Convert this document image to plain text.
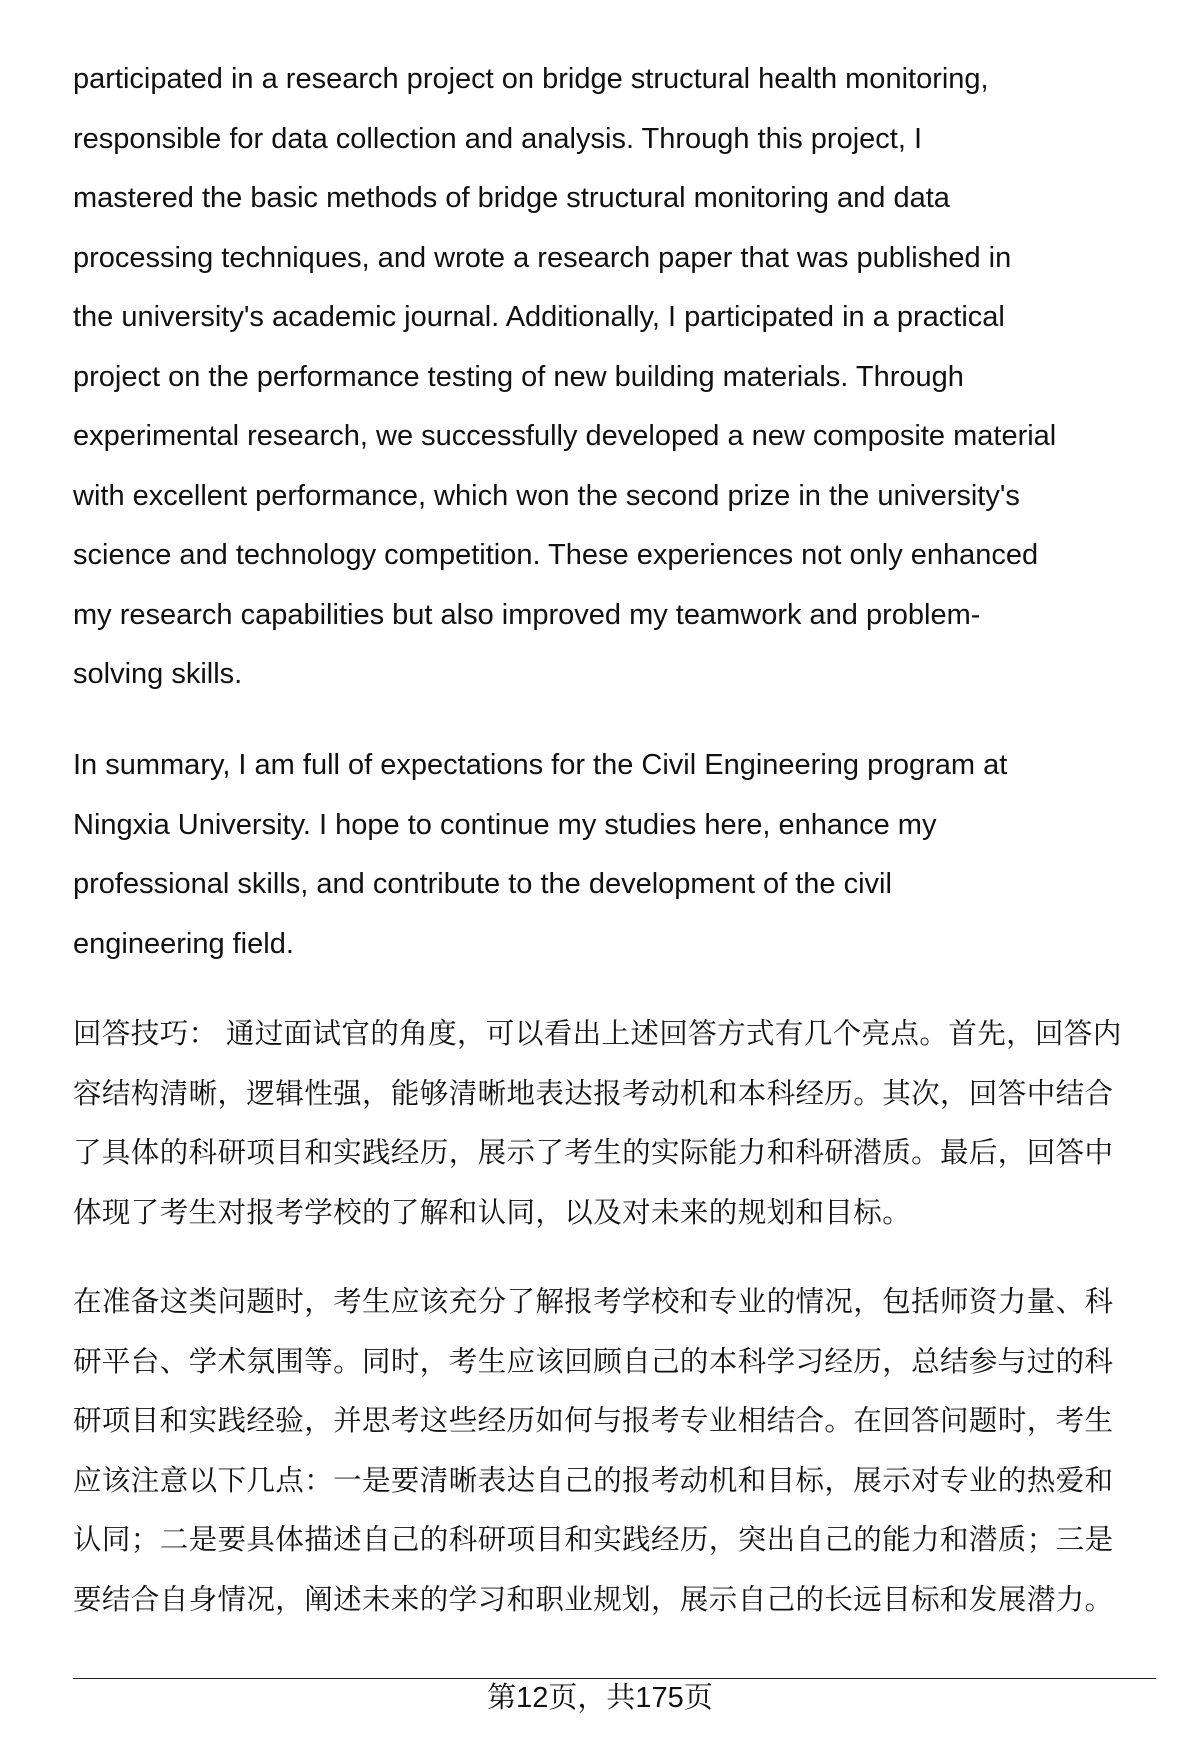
participated in a research project on bridge structural health monitoring,
responsible for data collection and analysis. Through this project, I
mastered the basic methods of bridge structural monitoring and data
processing techniques, and wrote a research paper that was published in
the university's academic journal. Additionally, I participated in a practical
project on the performance testing of new building materials. Through
experimental research, we successfully developed a new composite material
with excellent performance, which won the second prize in the university's
science and technology competition. These experiences not only enhanced
my research capabilities but also improved my teamwork and problem-
solving skills.
In summary, I am full of expectations for the Civil Engineering program at
Ningxia University. I hope to continue my studies here, enhance my
professional skills, and contribute to the development of the civil
engineering field.
回答技巧： 通过面试官的角度，可以看出上述回答方式有几个亮点。首先，回答内
容结构清晰，逻辑性强，能够清晰地表达报考动机和本科经历。其次，回答中结合
了具体的科研项目和实践经历，展示了考生的实际能力和科研潜质。最后，回答中
体现了考生对报考学校的了解和认同，以及对未来的规划和目标。
在准备这类问题时，考生应该充分了解报考学校和专业的情况，包括师资力量、科
研平台、学术氛围等。同时，考生应该回顾自己的本科学习经历，总结参与过的科
研项目和实践经验，并思考这些经历如何与报考专业相结合。在回答问题时，考生
应该注意以下几点：一是要清晰表达自己的报考动机和目标，展示对专业的热爱和
认同；二是要具体描述自己的科研项目和实践经历，突出自己的能力和潜质；三是
要结合自身情况，阐述未来的学习和职业规划，展示自己的长远目标和发展潜力。
第12页，共175页
